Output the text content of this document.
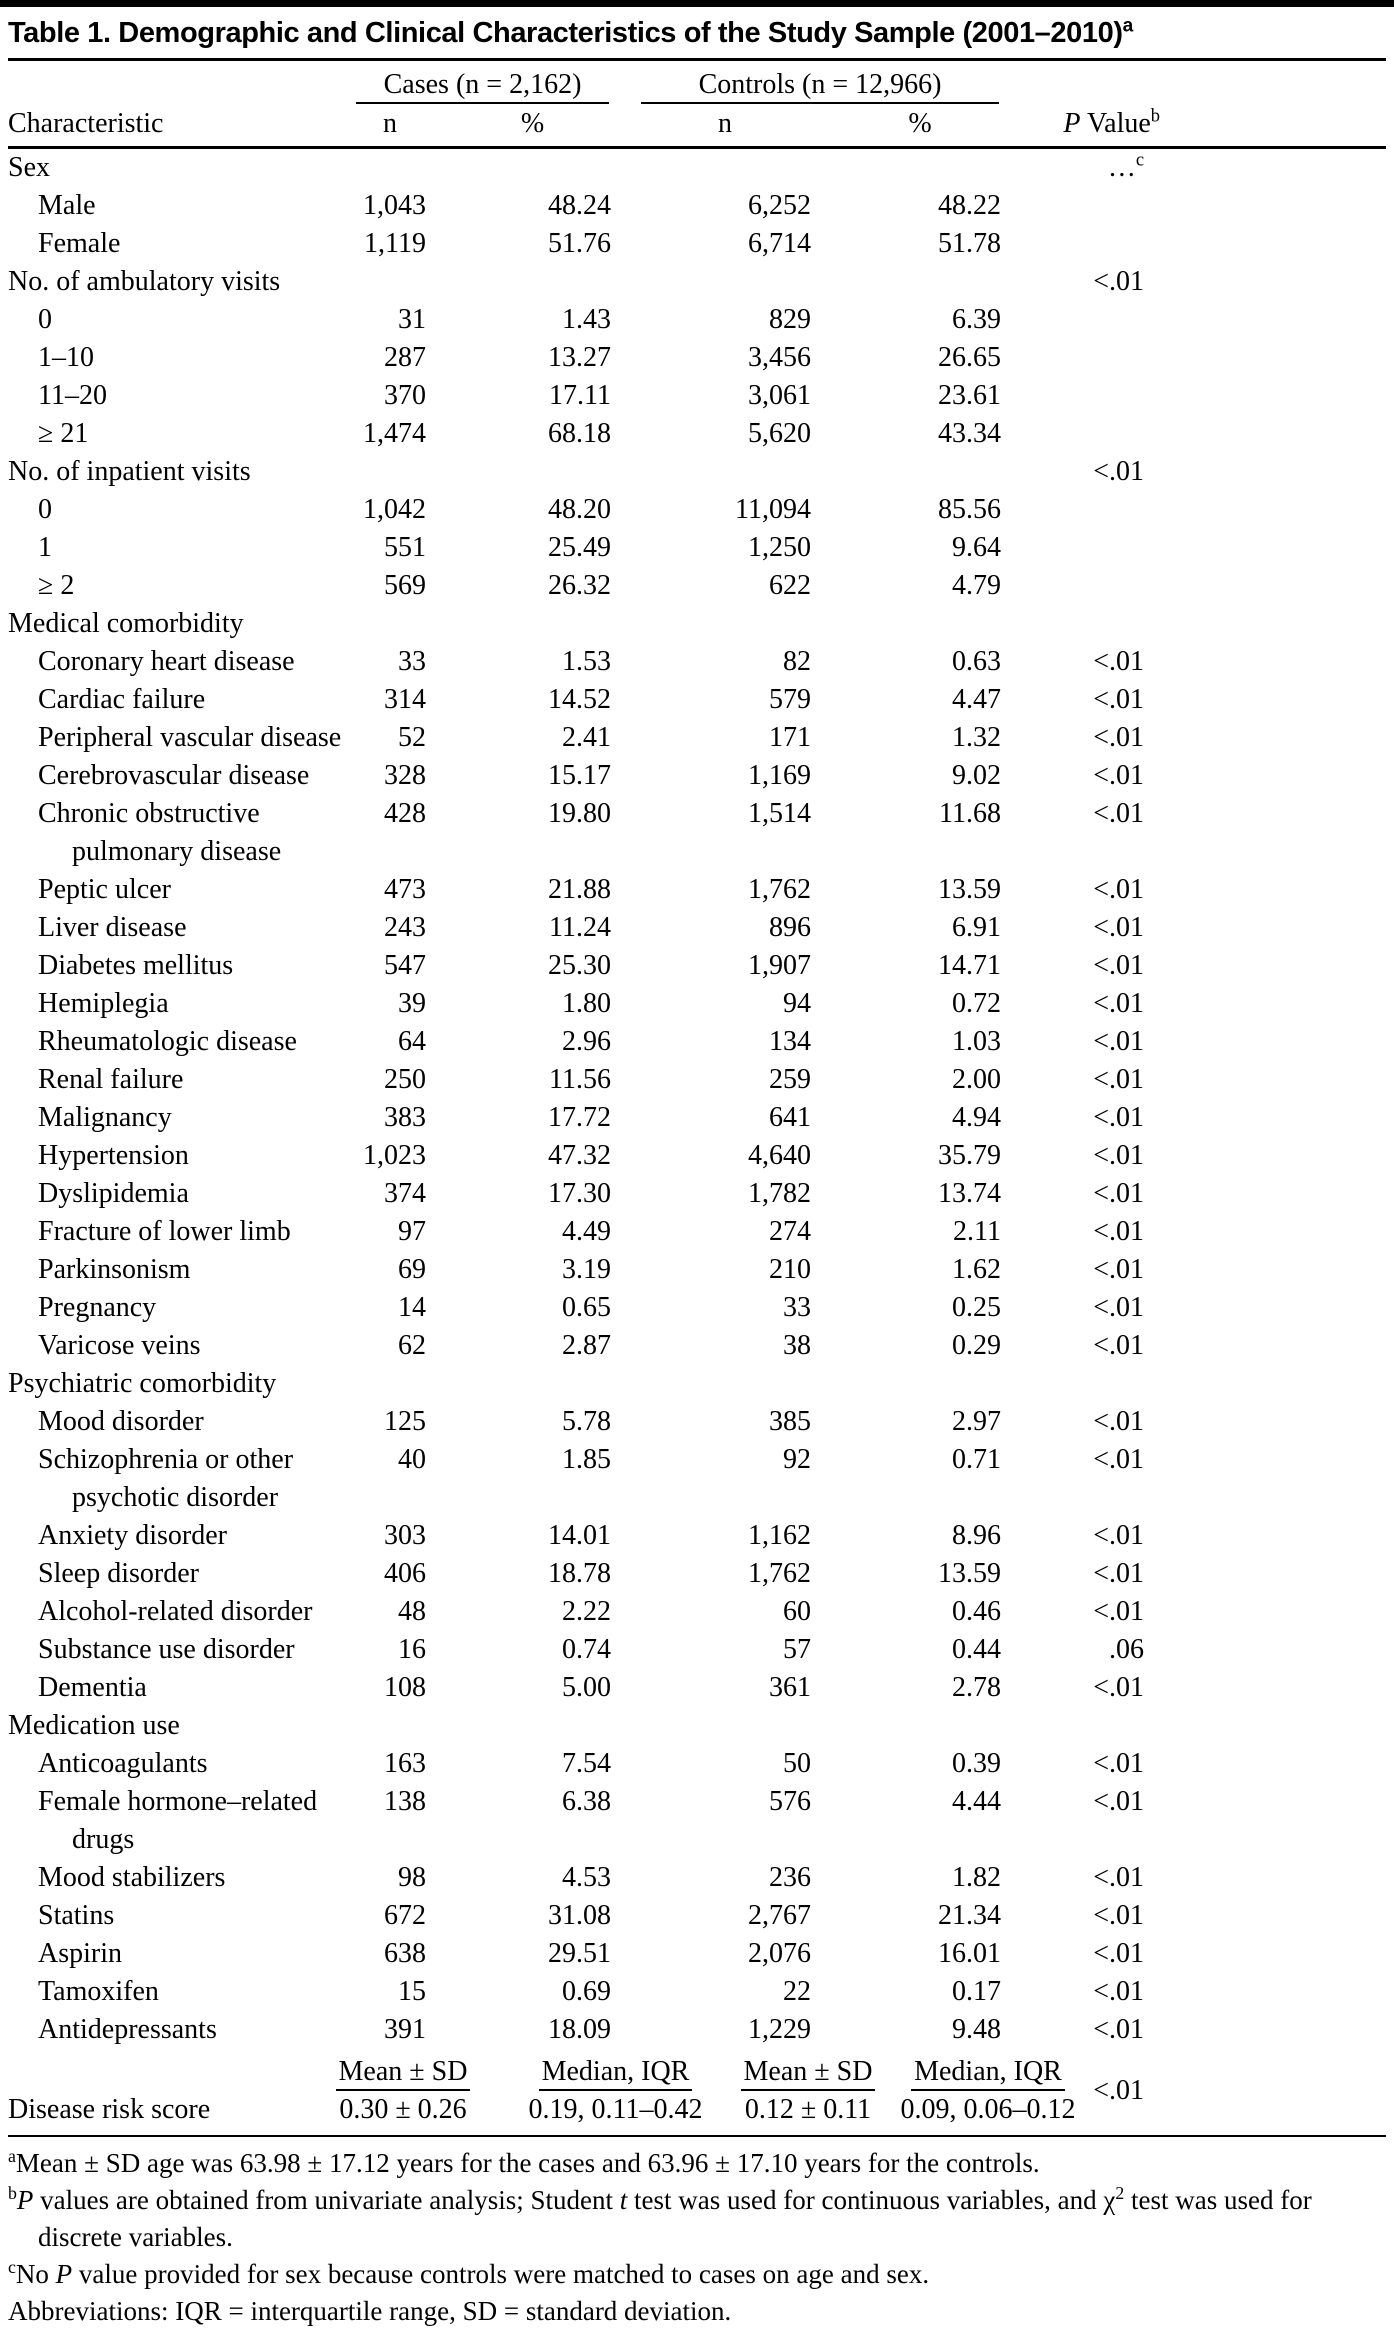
Table 1. Demographic and Clinical Characteristics of the Study Sample (2001–2010)$^a$

	Cases (n = 2,162)		Controls (n = 12,966)			

Characteristic	n	%	n	%	P Value$^b$	
Sex					…$^c$
Male	1,043	48.24	6,252	48.22		
Female	1,119	51.76	6,714	51.78		
No. of ambulatory visits					<.01	
0	31	1.43	829	6.39		
1–10	287	13.27	3,456	26.65		
11–20	370	17.11	3,061	23.61		
≥ 21	1,474	68.18	5,620	43.34		
No. of inpatient visits					<.01	
0	1,042	48.20	11,094	85.56		
1	551	25.49	1,250	9.64		
≥ 2	569	26.32	622	4.79		
Medical comorbidity						
Coronary heart disease	33	1.53	82	0.63	<.01	
Cardiac failure	314	14.52	579	4.47	<.01	
Peripheral vascular disease	52	2.41	171	1.32	<.01	
Cerebrovascular disease	328	15.17	1,169	9.02	<.01	
Chronic obstructive
pulmonary disease	428	19.80	1,514	11.68	<.01	
Peptic ulcer	473	21.88	1,762	13.59	<.01	
Liver disease	243	11.24	896	6.91	<.01	
Diabetes mellitus	547	25.30	1,907	14.71	<.01	
Hemiplegia	39	1.80	94	0.72	<.01	
Rheumatologic disease	64	2.96	134	1.03	<.01	
Renal failure	250	11.56	259	2.00	<.01	
Malignancy	383	17.72	641	4.94	<.01	
Hypertension	1,023	47.32	4,640	35.79	<.01	
Dyslipidemia	374	17.30	1,782	13.74	<.01	
Fracture of lower limb	97	4.49	274	2.11	<.01	
Parkinsonism	69	3.19	210	1.62	<.01	
Pregnancy	14	0.65	33	0.25	<.01	
Varicose veins	62	2.87	38	0.29	<.01	
Psychiatric comorbidity						
Mood disorder	125	5.78	385	2.97	<.01	
Schizophrenia or other
psychotic disorder	40	1.85	92	0.71	<.01	
Anxiety disorder	303	14.01	1,162	8.96	<.01	
Sleep disorder	406	18.78	1,762	13.59	<.01	
Alcohol-related disorder	48	2.22	60	0.46	<.01	
Substance use disorder	16	0.74	57	0.44	.06	
Dementia	108	5.00	361	2.78	<.01	
Medication use						
Anticoagulants	163	7.54	50	0.39	<.01	
Female hormone–related
drugs	138	6.38	576	4.44	<.01	
Mood stabilizers	98	4.53	236	1.82	<.01	
Statins	672	31.08	2,767	21.34	<.01	
Aspirin	638	29.51	2,076	16.01	<.01	
Tamoxifen	15	0.69	22	0.17	<.01	
Antidepressants	391	18.09	1,229	9.48	<.01	
	Mean ± SD	Median, IQR	Mean ± SD	Median, IQR	<.01	
Disease risk score	0.30 ± 0.26	0.19, 0.11–0.42	0.12 ± 0.11	0.09, 0.06–0.12		
$^a$Mean ± SD age was 63.98 ± 17.12 years for the cases and 63.96 ± 17.10 years for the controls.
$^b$P values are obtained from univariate analysis; Student t test was used for continuous variables, and $\chi^2$ test was used for discrete variables.
$^c$No P value provided for sex because controls were matched to cases on age and sex.
Abbreviations: IQR = interquartile range, SD = standard deviation.
